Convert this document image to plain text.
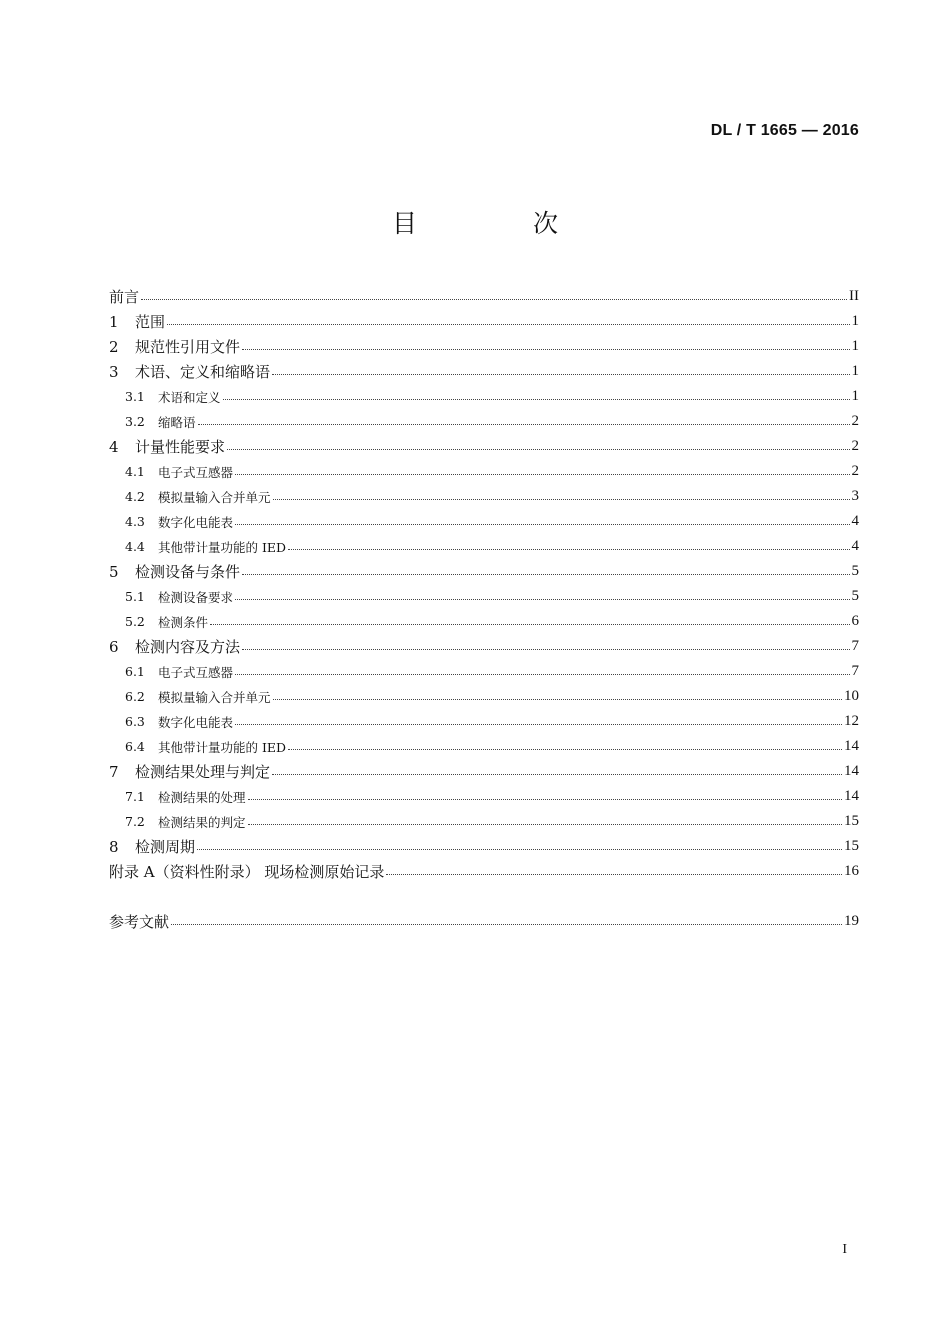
DL / T 1665 — 2016
目 次
前言	II
1	范围	1
2	规范性引用文件	1
3	术语、定义和缩略语	1
3.1	术语和定义	1
3.2	缩略语	2
4	计量性能要求	2
4.1	电子式互感器	2
4.2	模拟量输入合并单元	3
4.3	数字化电能表	4
4.4	其他带计量功能的 IED	4
5	检测设备与条件	5
5.1	检测设备要求	5
5.2	检测条件	6
6	检测内容及方法	7
6.1	电子式互感器	7
6.2	模拟量输入合并单元	10
6.3	数字化电能表	12
6.4	其他带计量功能的 IED	14
7	检测结果处理与判定	14
7.1	检测结果的处理	14
7.2	检测结果的判定	15
8	检测周期	15
附录 A（资料性附录） 现场检测原始记录	16
参考文献	19
I
